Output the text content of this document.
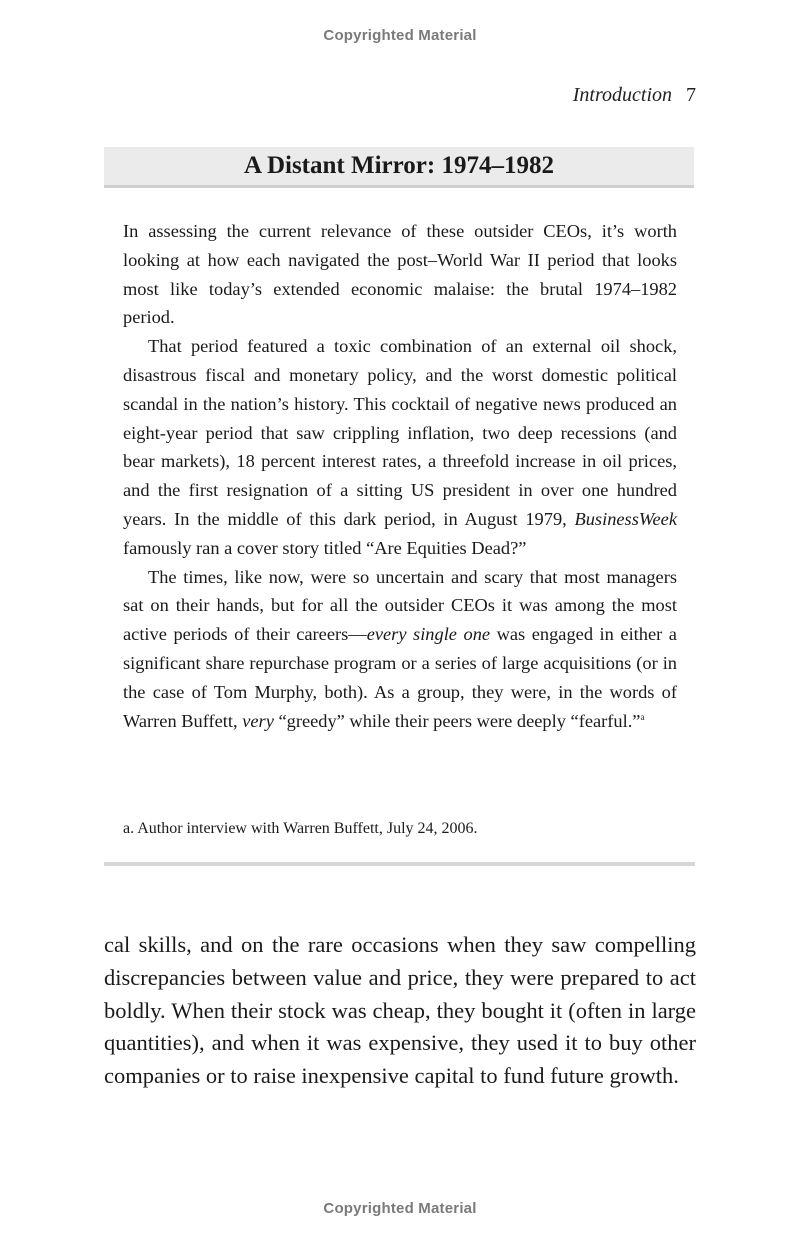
Copyrighted Material
Introduction 7
A Distant Mirror: 1974–1982

In assessing the current relevance of these outsider CEOs, it’s worth looking at how each navigated the post–World War II period that looks most like today’s extended economic malaise: the brutal 1974–1982 period.

That period featured a toxic combination of an external oil shock, disastrous fiscal and monetary policy, and the worst domestic political scandal in the nation’s history. This cocktail of negative news produced an eight-year period that saw crippling inflation, two deep recessions (and bear markets), 18 percent interest rates, a threefold increase in oil prices, and the first resignation of a sitting US president in over one hundred years. In the middle of this dark period, in August 1979, BusinessWeek famously ran a cover story titled “Are Equities Dead?”

The times, like now, were so uncertain and scary that most managers sat on their hands, but for all the outsider CEOs it was among the most active periods of their careers—every single one was engaged in either a significant share repurchase program or a series of large acquisitions (or in the case of Tom Murphy, both). As a group, they were, in the words of Warren Buffett, very “greedy” while their peers were deeply “fearful.”$^a$

a. Author interview with Warren Buffett, July 24, 2006.

cal skills, and on the rare occasions when they saw compelling discrepancies between value and price, they were prepared to act boldly. When their stock was cheap, they bought it (often in large quantities), and when it was expensive, they used it to buy other companies or to raise inexpensive capital to fund future growth.

Copyrighted Material
